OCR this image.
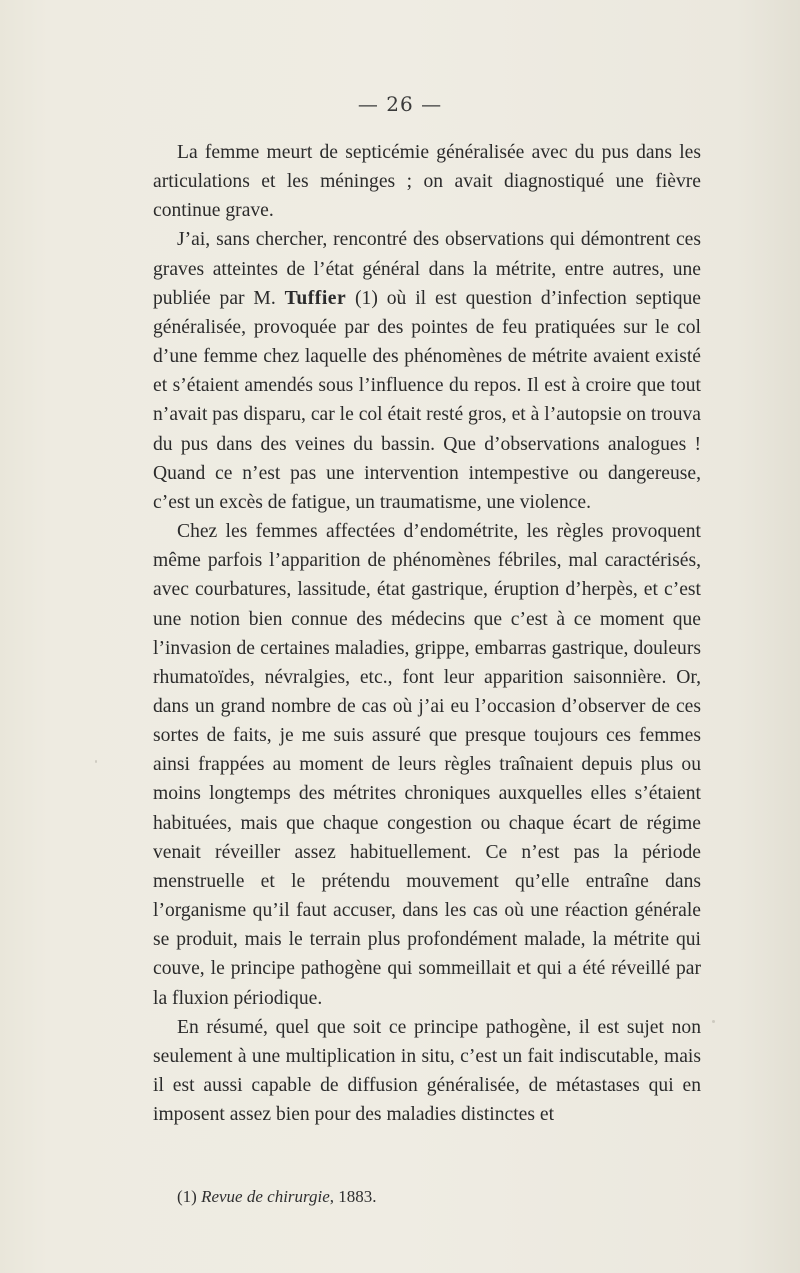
— 26 —

La femme meurt de septicémie généralisée avec du pus dans les articulations et les méninges ; on avait diagnostiqué une fièvre continue grave.

J’ai, sans chercher, rencontré des observations qui démontrent ces graves atteintes de l’état général dans la métrite, entre autres, une publiée par M. Tuffier (1) où il est question d’infection septique généralisée, provoquée par des pointes de feu pratiquées sur le col d’une femme chez laquelle des phénomènes de métrite avaient existé et s’étaient amendés sous l’influence du repos. Il est à croire que tout n’avait pas disparu, car le col était resté gros, et à l’autopsie on trouva du pus dans des veines du bassin. Que d’observations analogues ! Quand ce n’est pas une intervention intempestive ou dangereuse, c’est un excès de fatigue, un traumatisme, une violence.

Chez les femmes affectées d’endométrite, les règles provoquent même parfois l’apparition de phénomènes fébriles, mal caractérisés, avec courbatures, lassitude, état gastrique, éruption d’herpès, et c’est une notion bien connue des médecins que c’est à ce moment que l’invasion de certaines maladies, grippe, embarras gastrique, douleurs rhumatoïdes, névralgies, etc., font leur apparition saisonnière. Or, dans un grand nombre de cas où j’ai eu l’occasion d’observer de ces sortes de faits, je me suis assuré que presque toujours ces femmes ainsi frappées au moment de leurs règles traînaient depuis plus ou moins longtemps des métrites chroniques auxquelles elles s’étaient habituées, mais que chaque congestion ou chaque écart de régime venait réveiller assez habituellement. Ce n’est pas la période menstruelle et le prétendu mouvement qu’elle entraîne dans l’organisme qu’il faut accuser, dans les cas où une réaction générale se produit, mais le terrain plus profondément malade, la métrite qui couve, le principe pathogène qui sommeillait et qui a été réveillé par la fluxion périodique.

En résumé, quel que soit ce principe pathogène, il est sujet non seulement à une multiplication in situ, c’est un fait indiscutable, mais il est aussi capable de diffusion généralisée, de métastases qui en imposent assez bien pour des maladies distinctes et

(1) Revue de chirurgie, 1883.
